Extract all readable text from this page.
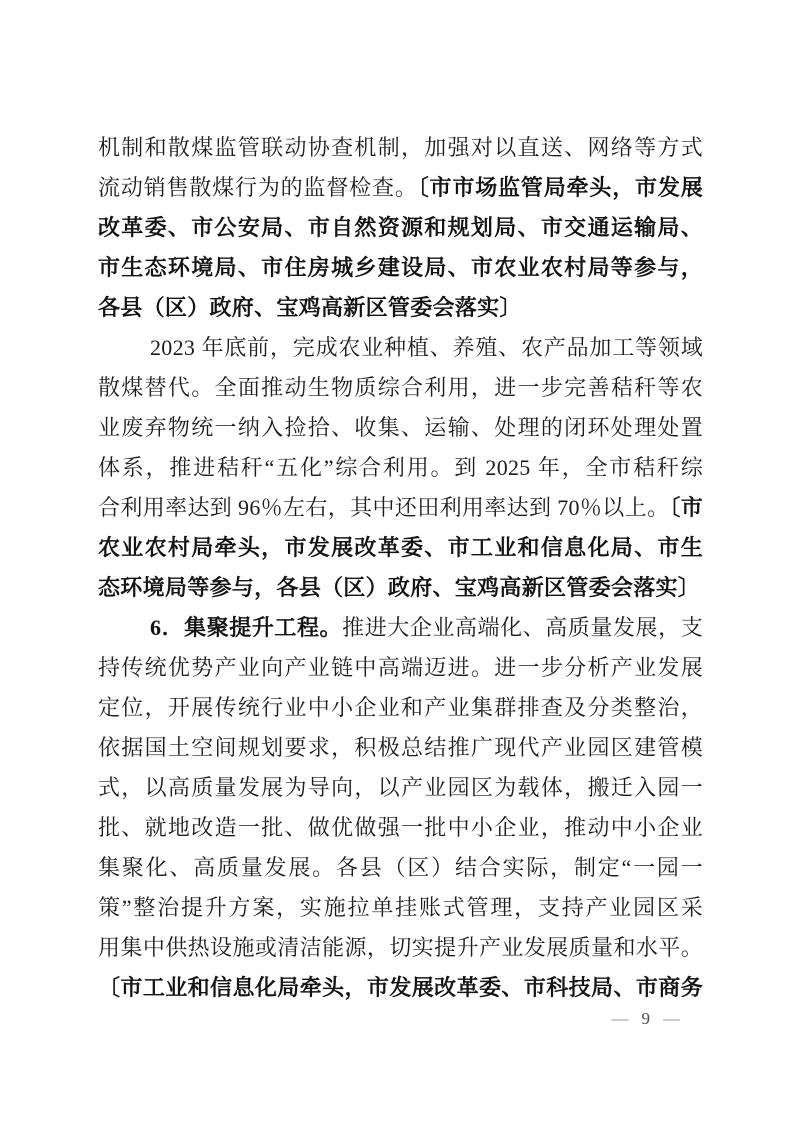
机制和散煤监管联动协查机制，加强对以直送、网络等方式
流动销售散煤行为的监督检查。〔市市场监管局牵头，市发展
改革委、市公安局、市自然资源和规划局、市交通运输局、
市生态环境局、市住房城乡建设局、市农业农村局等参与，
各县（区）政府、宝鸡高新区管委会落实〕
2023 年底前，完成农业种植、养殖、农产品加工等领域
散煤替代。全面推动生物质综合利用，进一步完善秸秆等农
业废弃物统一纳入捡拾、收集、运输、处理的闭环处理处置
体系，推进秸秆“五化”综合利用。到 2025 年，全市秸秆综
合利用率达到 96％左右，其中还田利用率达到 70％以上。〔市
农业农村局牵头，市发展改革委、市工业和信息化局、市生
态环境局等参与，各县（区）政府、宝鸡高新区管委会落实〕
6．集聚提升工程。推进大企业高端化、高质量发展，支
持传统优势产业向产业链中高端迈进。进一步分析产业发展
定位，开展传统行业中小企业和产业集群排查及分类整治，
依据国土空间规划要求，积极总结推广现代产业园区建管模
式，以高质量发展为导向，以产业园区为载体，搬迁入园一
批、就地改造一批、做优做强一批中小企业，推动中小企业
集聚化、高质量发展。各县（区）结合实际，制定“一园一
策”整治提升方案，实施拉单挂账式管理，支持产业园区采
用集中供热设施或清洁能源，切实提升产业发展质量和水平。
〔市工业和信息化局牵头，市发展改革委、市科技局、市商务
— 9 —
